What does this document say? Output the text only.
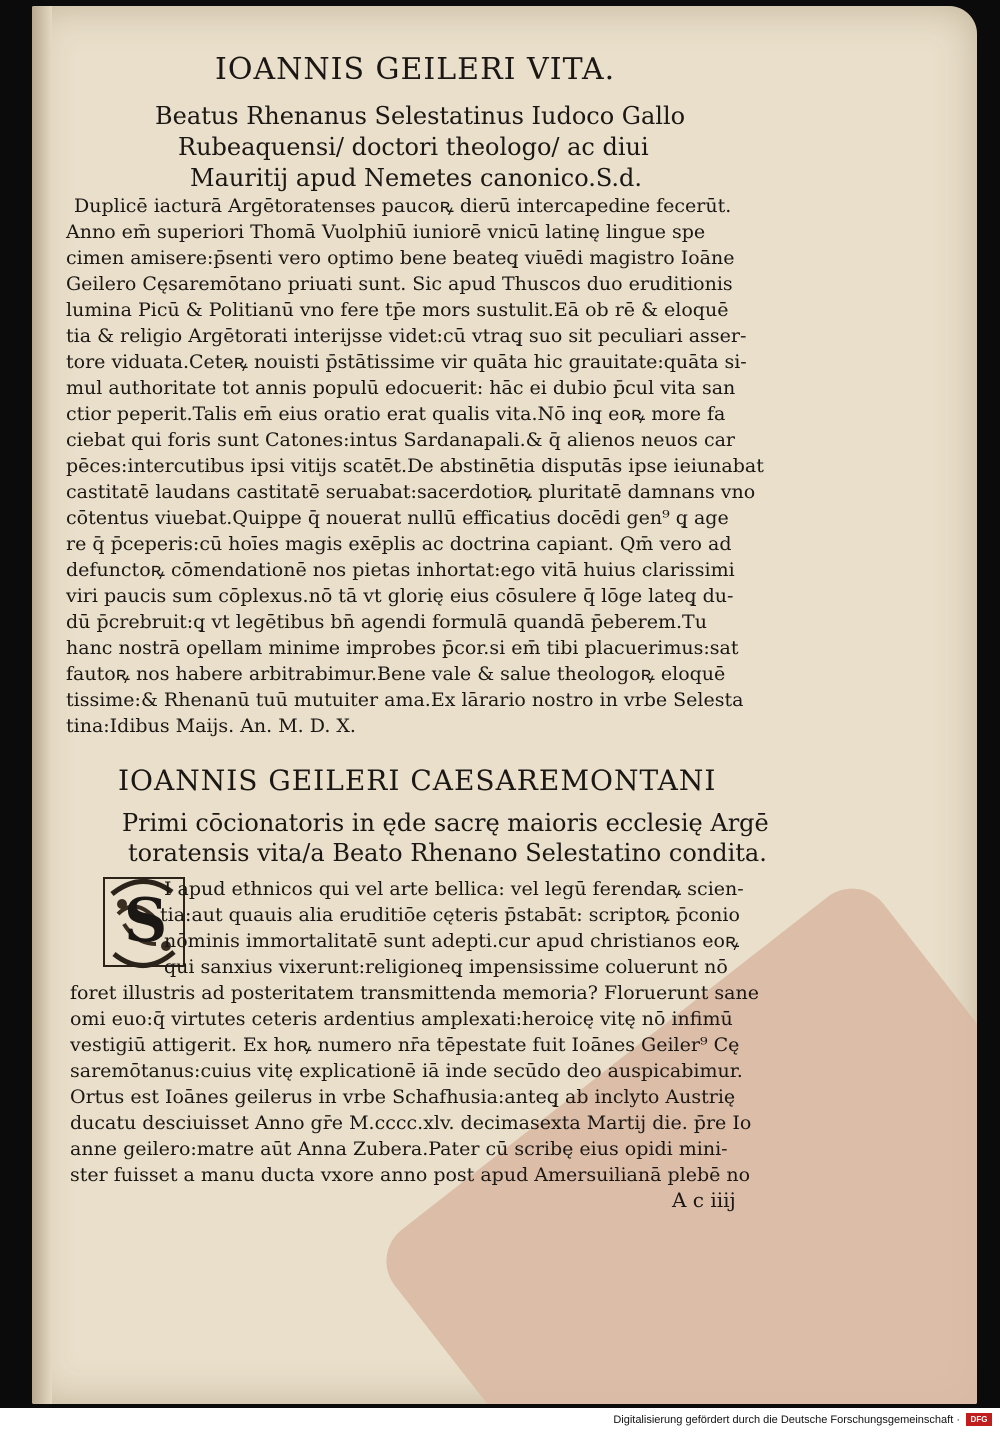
IOANNIS GEILERI VITA.
Beatus Rhenanus Selestatinus Iudoco Gallo
Rubeaquensi/ doctori theologo/ ac diui
Mauritij apud Nemetes canonico.S.d.
Duplicē iacturā Argētoratenses paucoꝶ dierū intercapedine fecerūt.
Anno em̄ superiori Thomā Vuolphiū iuniorē vnicū latinę lingue spe
cimen amisere:p̄senti vero optimo bene beateq̧ viuēdi magistro Ioāne
Geilero Cęsaremōtano priuati sunt. Sic apud Thuscos duo eruditionis
lumina Picū & Politianū vno fere tp̄e mors sustulit.Eā ob rē & eloquē
tia & religio Argētorati interijsse videt:cū vtraq̧ suo sit peculiari asser-
tore viduata.Ceteꝶ nouisti p̄stātissime vir quāta hic grauitate:quāta si-
mul authoritate tot annis populū edocuerit: hāc ei dubio p̄cul vita san
ctior peperit.Talis em̄ eius oratio erat qualis vita.Nō inq̧ eoꝶ more fa
ciebat qui foris sunt Catones:intus Sardanapali.& q̄ alienos neuos car
pēces:intercutibus ipsi vitijs scatēt.De abstinētia disputās ipse ieiunabat
castitatē laudans castitatē seruabat:sacerdotioꝶ pluritatē damnans vno
cōtentus viuebat.Quippe q̄ nouerat nullū efficatius docēdi gen⁹ q̧ age
re q̄ p̄ceperis:cū hoīes magis exēplis ac doctrina capiant. Qm̄ vero ad
defunctoꝶ cōmendationē nos pietas inhortat:ego vitā huius clarissimi
viri paucis sum cōplexus.nō tā vt glorię eius cōsulere q̄ lōge lateq̧ du-
dū p̄crebruit:q̧ vt legētibus bn̄ agendi formulā quandā p̄eberem.Tu
hanc nostrā opellam minime improbes p̄cor.si em̄ tibi placuerimus:sat
fautoꝶ nos habere arbitrabimur.Bene vale & salue theologoꝶ eloquē
tissime:& Rhenanū tuū mutuiter ama.Ex lārario nostro in vrbe Selesta
tina:Idibus Maijs. An. M. D. X.
IOANNIS GEILERI CAESAREMONTANI
Primi cōcionatoris in ęde sacrę maioris ecclesię Argē
toratensis vita/a Beato Rhenano Selestatino condita.
S
I apud ethnicos qui vel arte bellica: vel legū ferendaꝶ scien-
tia:aut quauis alia eruditiōe cęteris p̄stabāt: scriptoꝶ p̄conio
nōminis immortalitatē sunt adepti.cur apud christianos eoꝶ
qui sanxius vixerunt:religioneq̧ impensissime coluerunt nō
foret illustris ad posteritatem transmittenda memoria? Floruerunt sane
omi euo:q̄ virtutes ceteris ardentius amplexati:heroicę vitę nō infimū
vestigiū attigerit. Ex hoꝶ numero nr̄a tēpestate fuit Ioānes Geiler⁹ Cę
saremōtanus:cuius vitę explicationē iā inde secūdo deo auspicabimur.
Ortus est Ioānes geilerus in vrbe Schafhusia:anteq̧ ab inclyto Austrię
ducatu desciuisset Anno gr̄e M.cccc.xlv. decimasexta Martij die. p̄re Io
anne geilero:matre aūt Anna Zubera.Pater cū scribę eius opidi mini-
ster fuisset a manu ducta vxore anno post apud Amersuilianā plebē no
A c iiij
Digitalisierung gefördert durch die Deutsche Forschungsgemeinschaft ·	DFG
